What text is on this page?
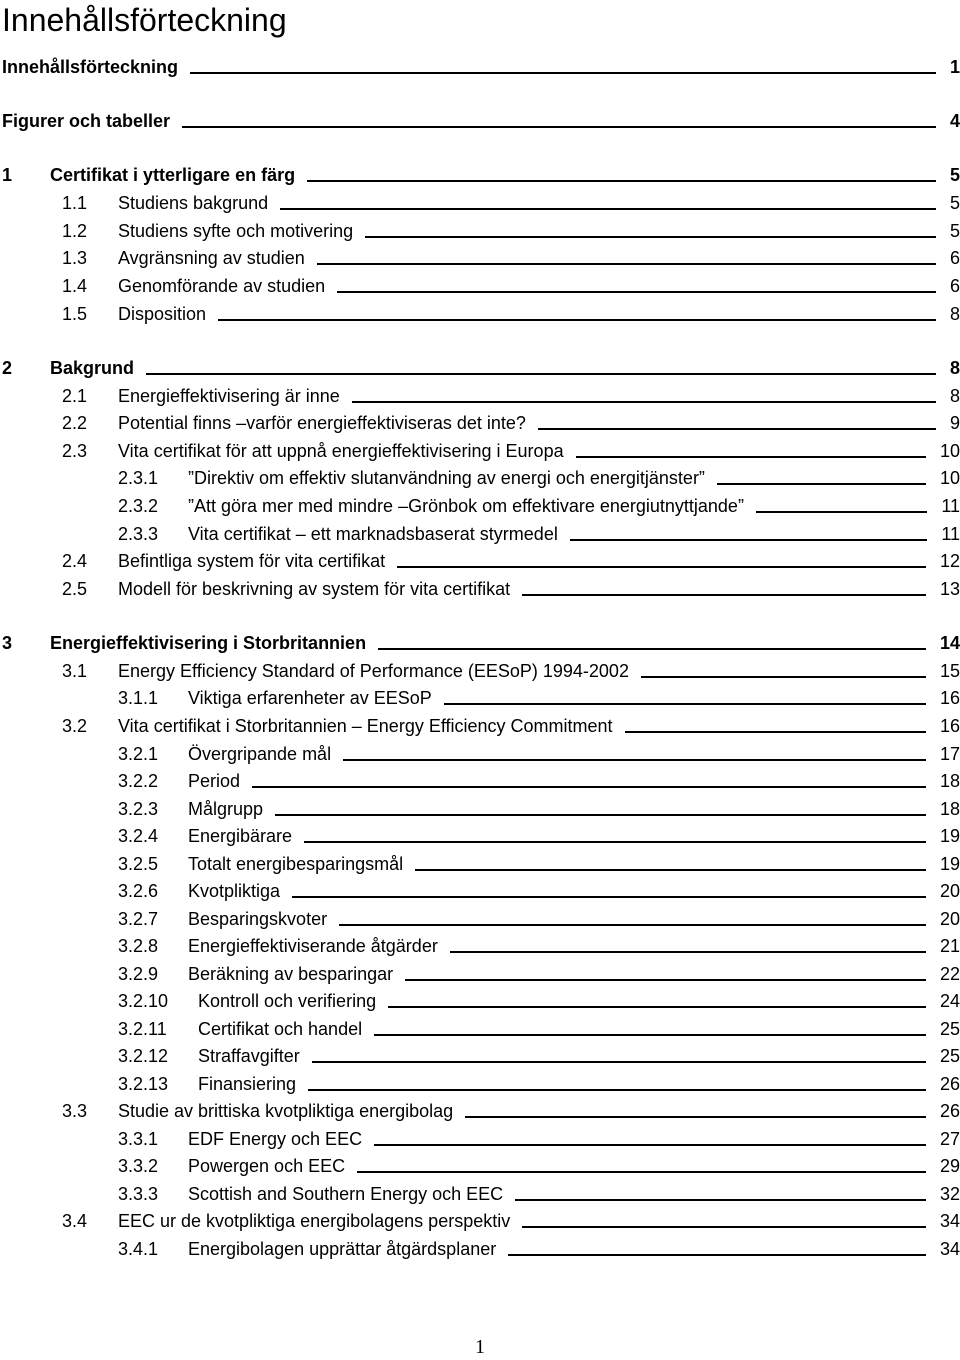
Innehållsförteckning
Innehållsförteckning	1
Figurer och tabeller	4
1 Certifikat i ytterligare en färg	5
1.1 Studiens bakgrund	5
1.2 Studiens syfte och motivering	5
1.3 Avgränsning av studien	6
1.4 Genomförande av studien	6
1.5 Disposition	8
2 Bakgrund	8
2.1 Energieffektivisering är inne	8
2.2 Potential finns –varför energieffektiviseras det inte?	9
2.3 Vita certifikat för att uppnå energieffektivisering i Europa	10
2.3.1 ”Direktiv om effektiv slutanvändning av energi och energitjänster”	10
2.3.2 ”Att göra mer med mindre –Grönbok om effektivare energiutnyttjande”	11
2.3.3 Vita certifikat – ett marknadsbaserat styrmedel	11
2.4 Befintliga system för vita certifikat	12
2.5 Modell för beskrivning av system för vita certifikat	13
3 Energieffektivisering i Storbritannien	14
3.1 Energy Efficiency Standard of Performance (EESoP) 1994-2002	15
3.1.1 Viktiga erfarenheter av EESoP	16
3.2 Vita certifikat i Storbritannien – Energy Efficiency Commitment	16
3.2.1 Övergripande mål	17
3.2.2 Period	18
3.2.3 Målgrupp	18
3.2.4 Energibärare	19
3.2.5 Totalt energibesparingsmål	19
3.2.6 Kvotpliktiga	20
3.2.7 Besparingskvoter	20
3.2.8 Energieffektiviserande åtgärder	21
3.2.9 Beräkning av besparingar	22
3.2.10 Kontroll och verifiering	24
3.2.11 Certifikat och handel	25
3.2.12 Straffavgifter	25
3.2.13 Finansiering	26
3.3 Studie av brittiska kvotpliktiga energibolag	26
3.3.1 EDF Energy och EEC	27
3.3.2 Powergen och EEC	29
3.3.3 Scottish and Southern Energy och EEC	32
3.4 EEC ur de kvotpliktiga energibolagens perspektiv	34
3.4.1 Energibolagen upprättar åtgärdsplaner	34
1
